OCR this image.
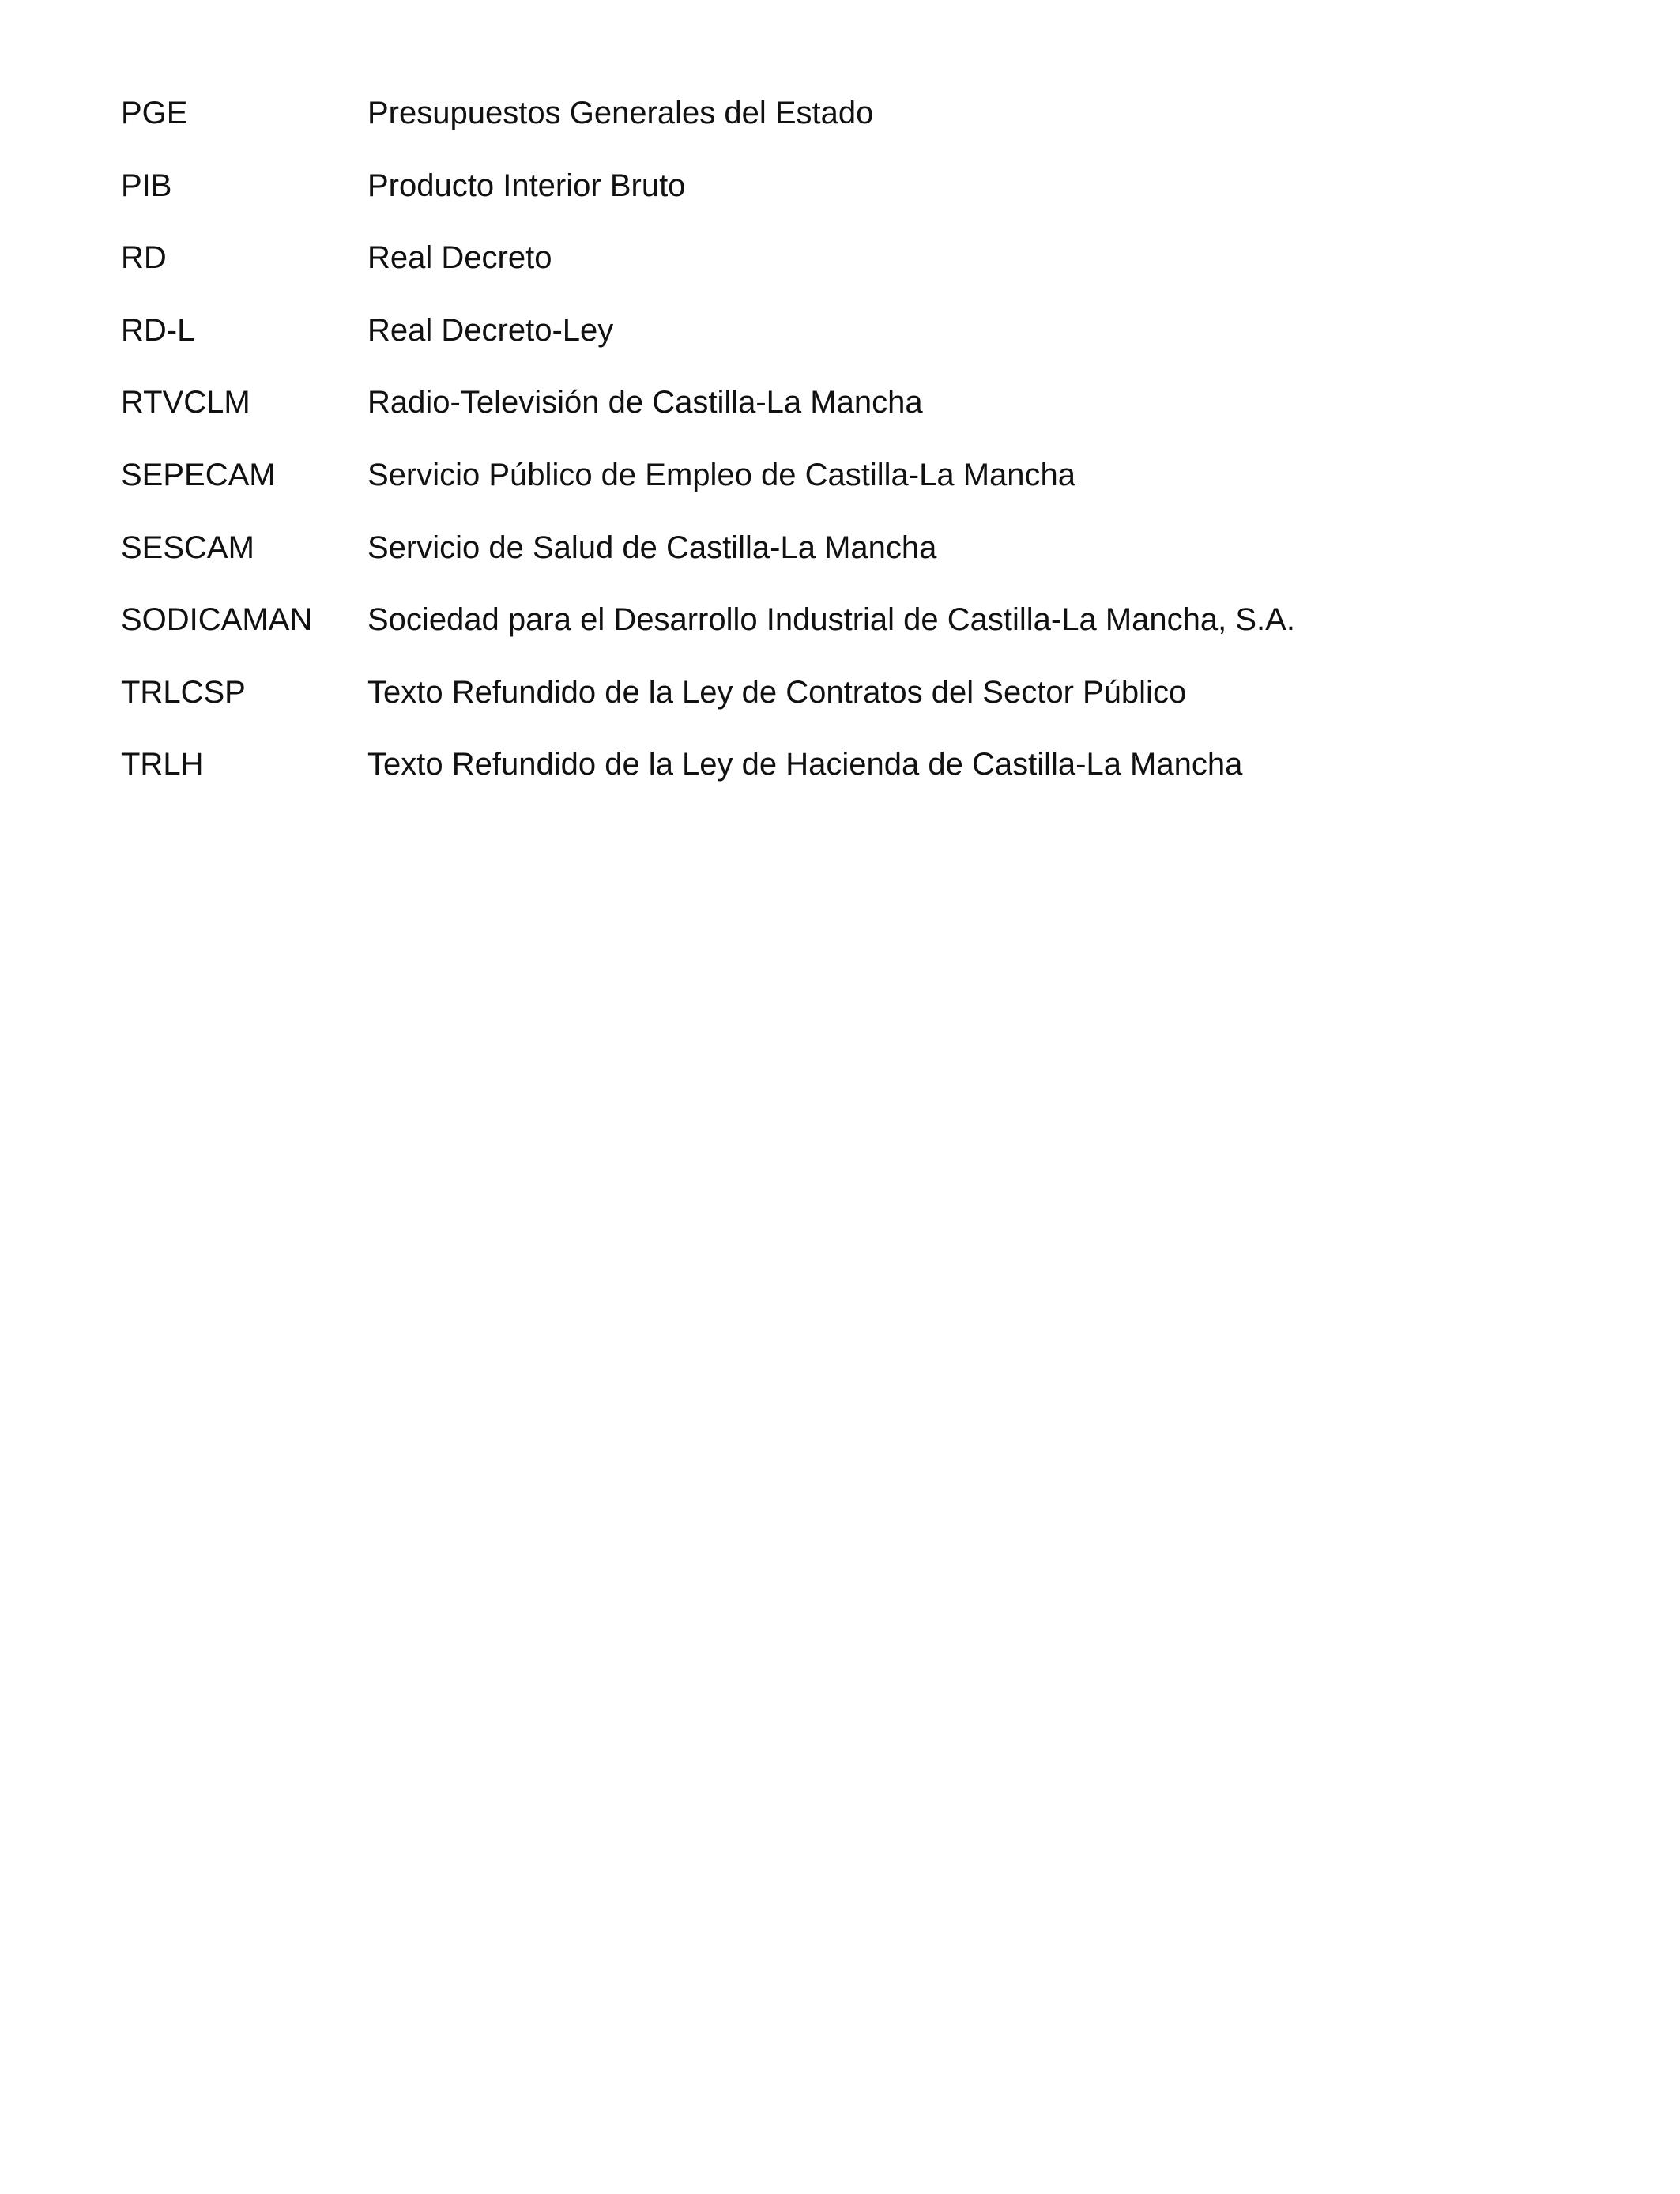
PGE	Presupuestos Generales del Estado
PIB	Producto Interior Bruto
RD	Real Decreto
RD-L	Real Decreto-Ley
RTVCLM	Radio-Televisión de Castilla-La Mancha
SEPECAM	Servicio Público de Empleo de Castilla-La Mancha
SESCAM	Servicio de Salud de Castilla-La Mancha
SODICAMAN	Sociedad para el Desarrollo Industrial de Castilla-La Mancha, S.A.
TRLCSP	Texto Refundido de la Ley de Contratos del Sector Público
TRLH	Texto Refundido de la Ley de Hacienda de Castilla-La Mancha
